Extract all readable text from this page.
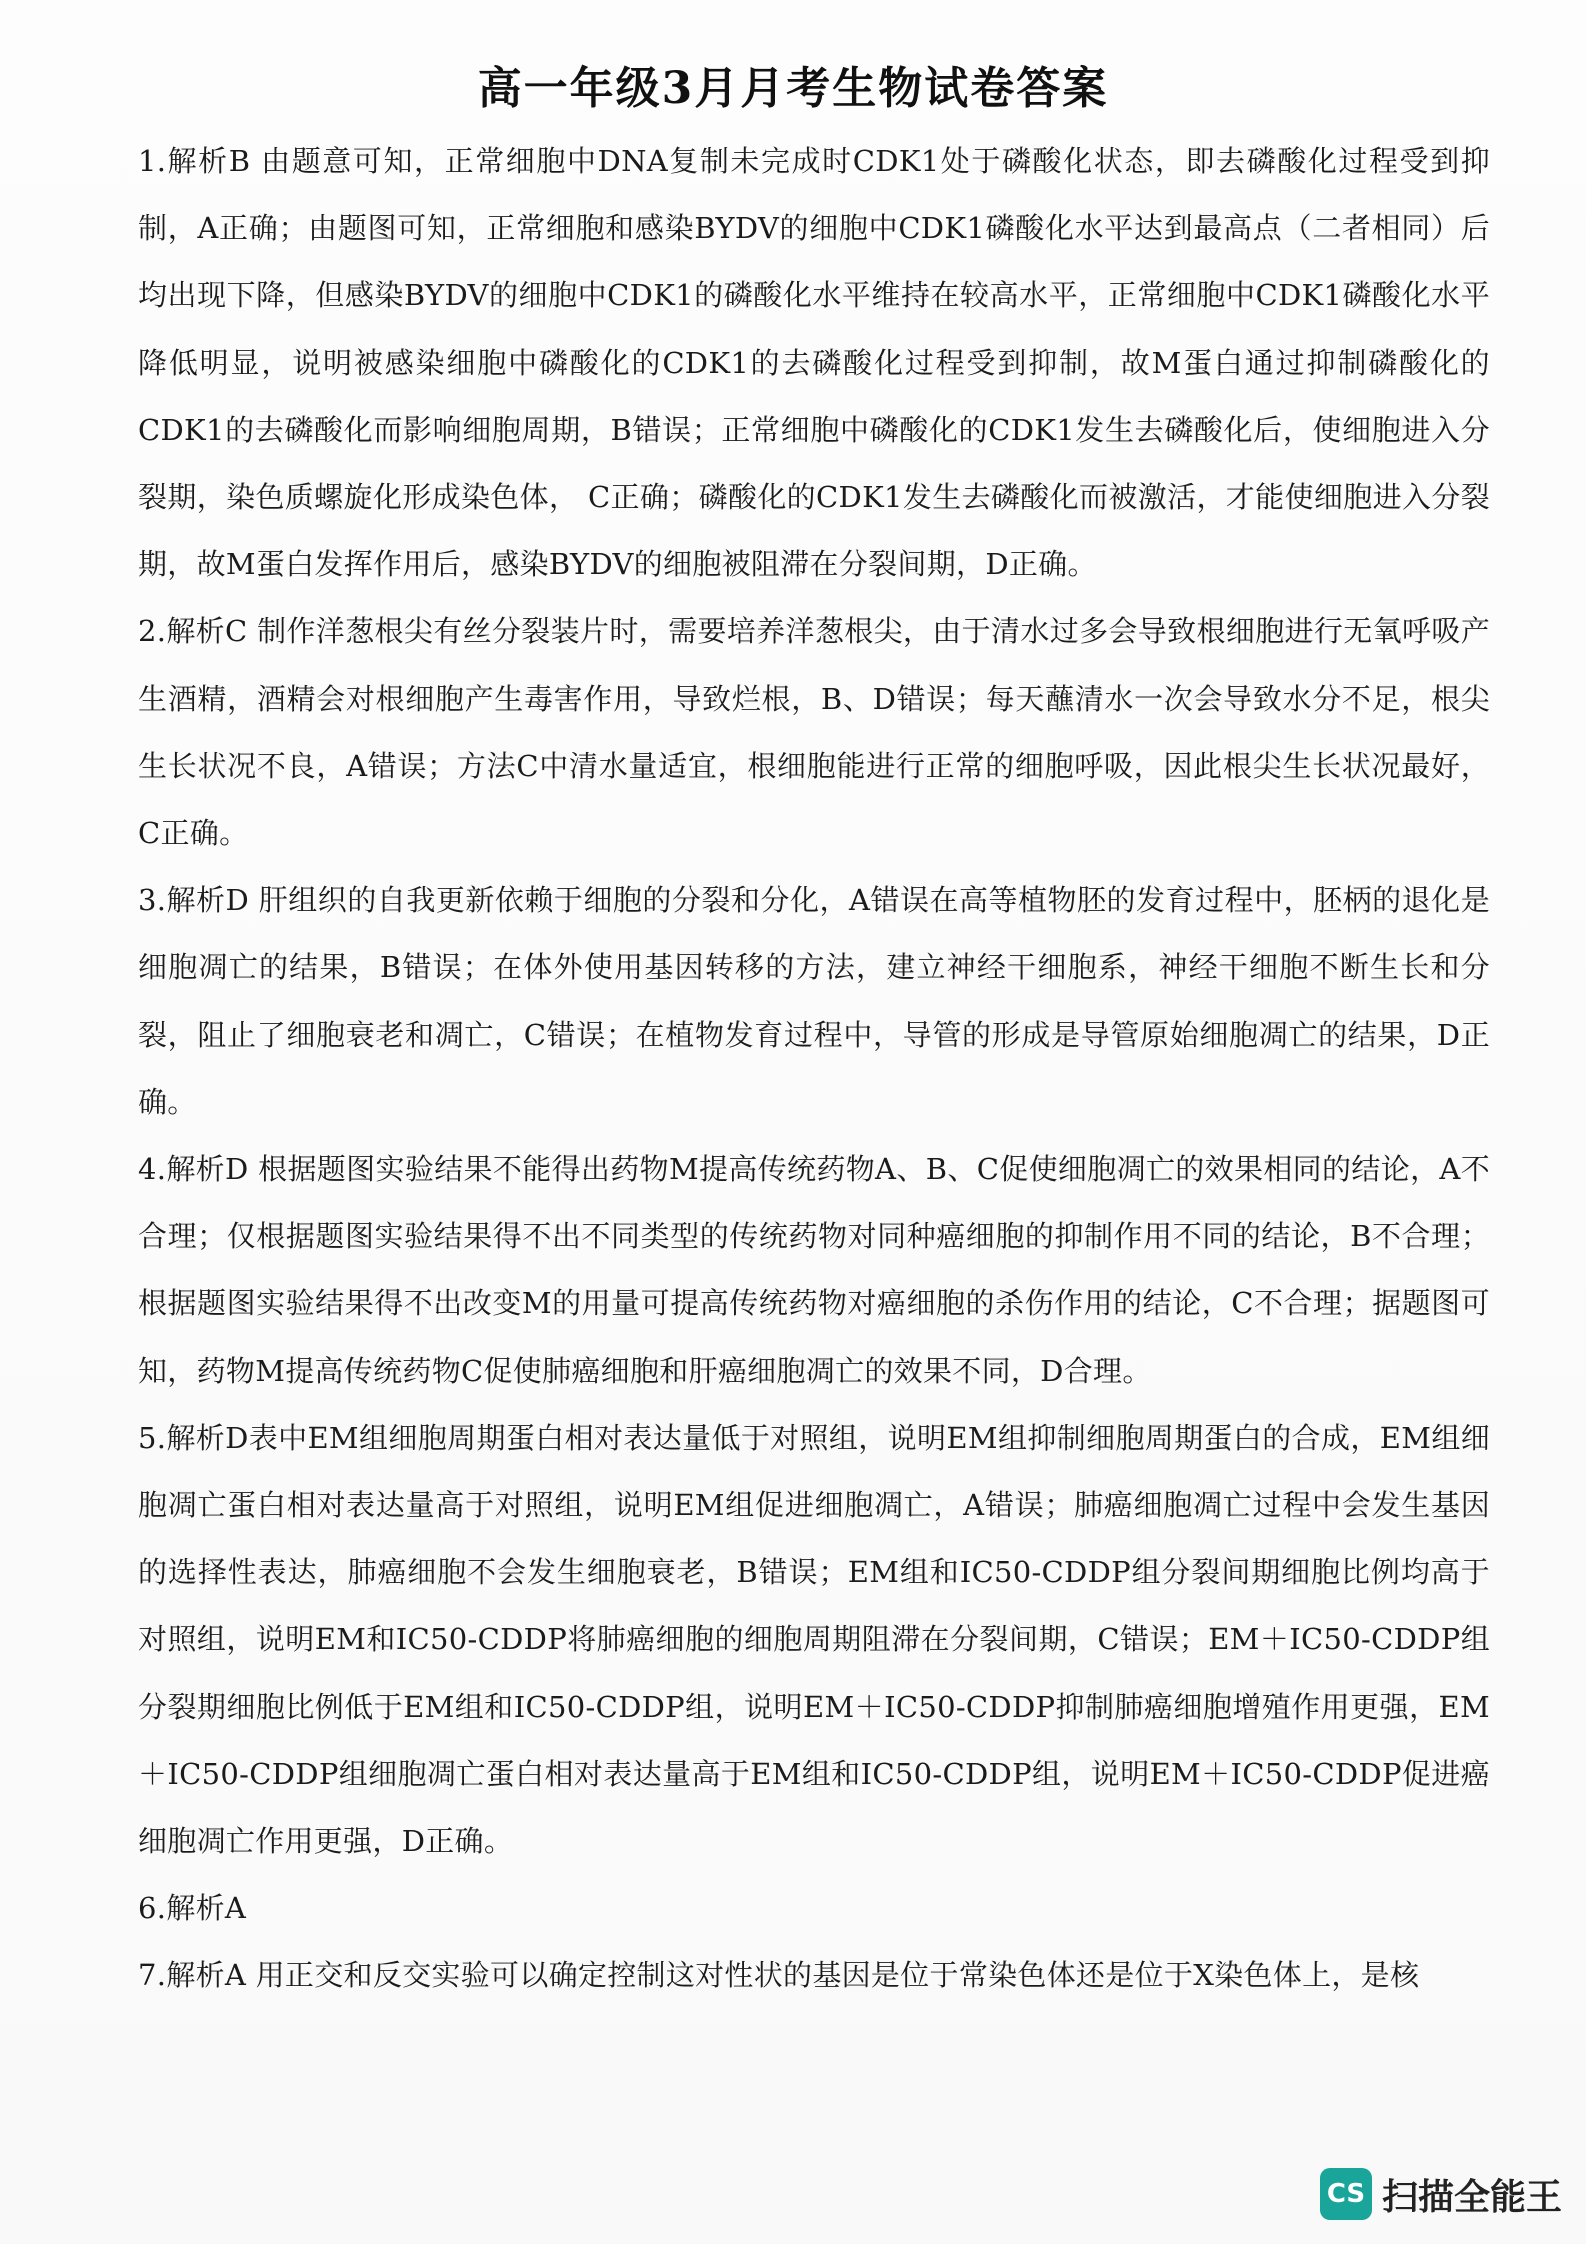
高一年级3月月考生物试卷答案

1.解析B 由题意可知，正常细胞中DNA复制未完成时CDK1处于磷酸化状态，即去磷酸化过程受到抑制，A正确；由题图可知，正常细胞和感染BYDV的细胞中CDK1磷酸化水平达到最高点（二者相同）后均出现下降，但感染BYDV的细胞中CDK1的磷酸化水平维持在较高水平，正常细胞中CDK1磷酸化水平降低明显，说明被感染细胞中磷酸化的CDK1的去磷酸化过程受到抑制，故M蛋白通过抑制磷酸化的CDK1的去磷酸化而影响细胞周期，B错误；正常细胞中磷酸化的CDK1发生去磷酸化后，使细胞进入分裂期，染色质螺旋化形成染色体， C正确；磷酸化的CDK1发生去磷酸化而被激活，才能使细胞进入分裂期，故M蛋白发挥作用后，感染BYDV的细胞被阻滞在分裂间期，D正确。

2.解析C 制作洋葱根尖有丝分裂装片时，需要培养洋葱根尖，由于清水过多会导致根细胞进行无氧呼吸产生酒精，酒精会对根细胞产生毒害作用，导致烂根，B、D错误；每天蘸清水一次会导致水分不足，根尖生长状况不良，A错误；方法C中清水量适宜，根细胞能进行正常的细胞呼吸，因此根尖生长状况最好，C正确。

3.解析D 肝组织的自我更新依赖于细胞的分裂和分化，A错误在高等植物胚的发育过程中，胚柄的退化是细胞凋亡的结果，B错误；在体外使用基因转移的方法，建立神经干细胞系，神经干细胞不断生长和分裂，阻止了细胞衰老和凋亡，C错误；在植物发育过程中，导管的形成是导管原始细胞凋亡的结果，D正确。

4.解析D 根据题图实验结果不能得出药物M提高传统药物A、B、C促使细胞凋亡的效果相同的结论，A不合理；仅根据题图实验结果得不出不同类型的传统药物对同种癌细胞的抑制作用不同的结论，B不合理；根据题图实验结果得不出改变M的用量可提高传统药物对癌细胞的杀伤作用的结论，C不合理；据题图可知，药物M提高传统药物C促使肺癌细胞和肝癌细胞凋亡的效果不同，D合理。

5.解析D表中EM组细胞周期蛋白相对表达量低于对照组，说明EM组抑制细胞周期蛋白的合成，EM组细胞凋亡蛋白相对表达量高于对照组，说明EM组促进细胞凋亡，A错误；肺癌细胞凋亡过程中会发生基因的选择性表达，肺癌细胞不会发生细胞衰老，B错误；EM组和IC50-CDDP组分裂间期细胞比例均高于对照组，说明EM和IC50-CDDP将肺癌细胞的细胞周期阻滞在分裂间期，C错误；EM＋IC50-CDDP组分裂期细胞比例低于EM组和IC50-CDDP组，说明EM＋IC50-CDDP抑制肺癌细胞增殖作用更强，EM＋IC50-CDDP组细胞凋亡蛋白相对表达量高于EM组和IC50-CDDP组，说明EM＋IC50-CDDP促进癌细胞凋亡作用更强，D正确。

6.解析A

7.解析A 用正交和反交实验可以确定控制这对性状的基因是位于常染色体还是位于X染色体上，是核

CS 扫描全能王
